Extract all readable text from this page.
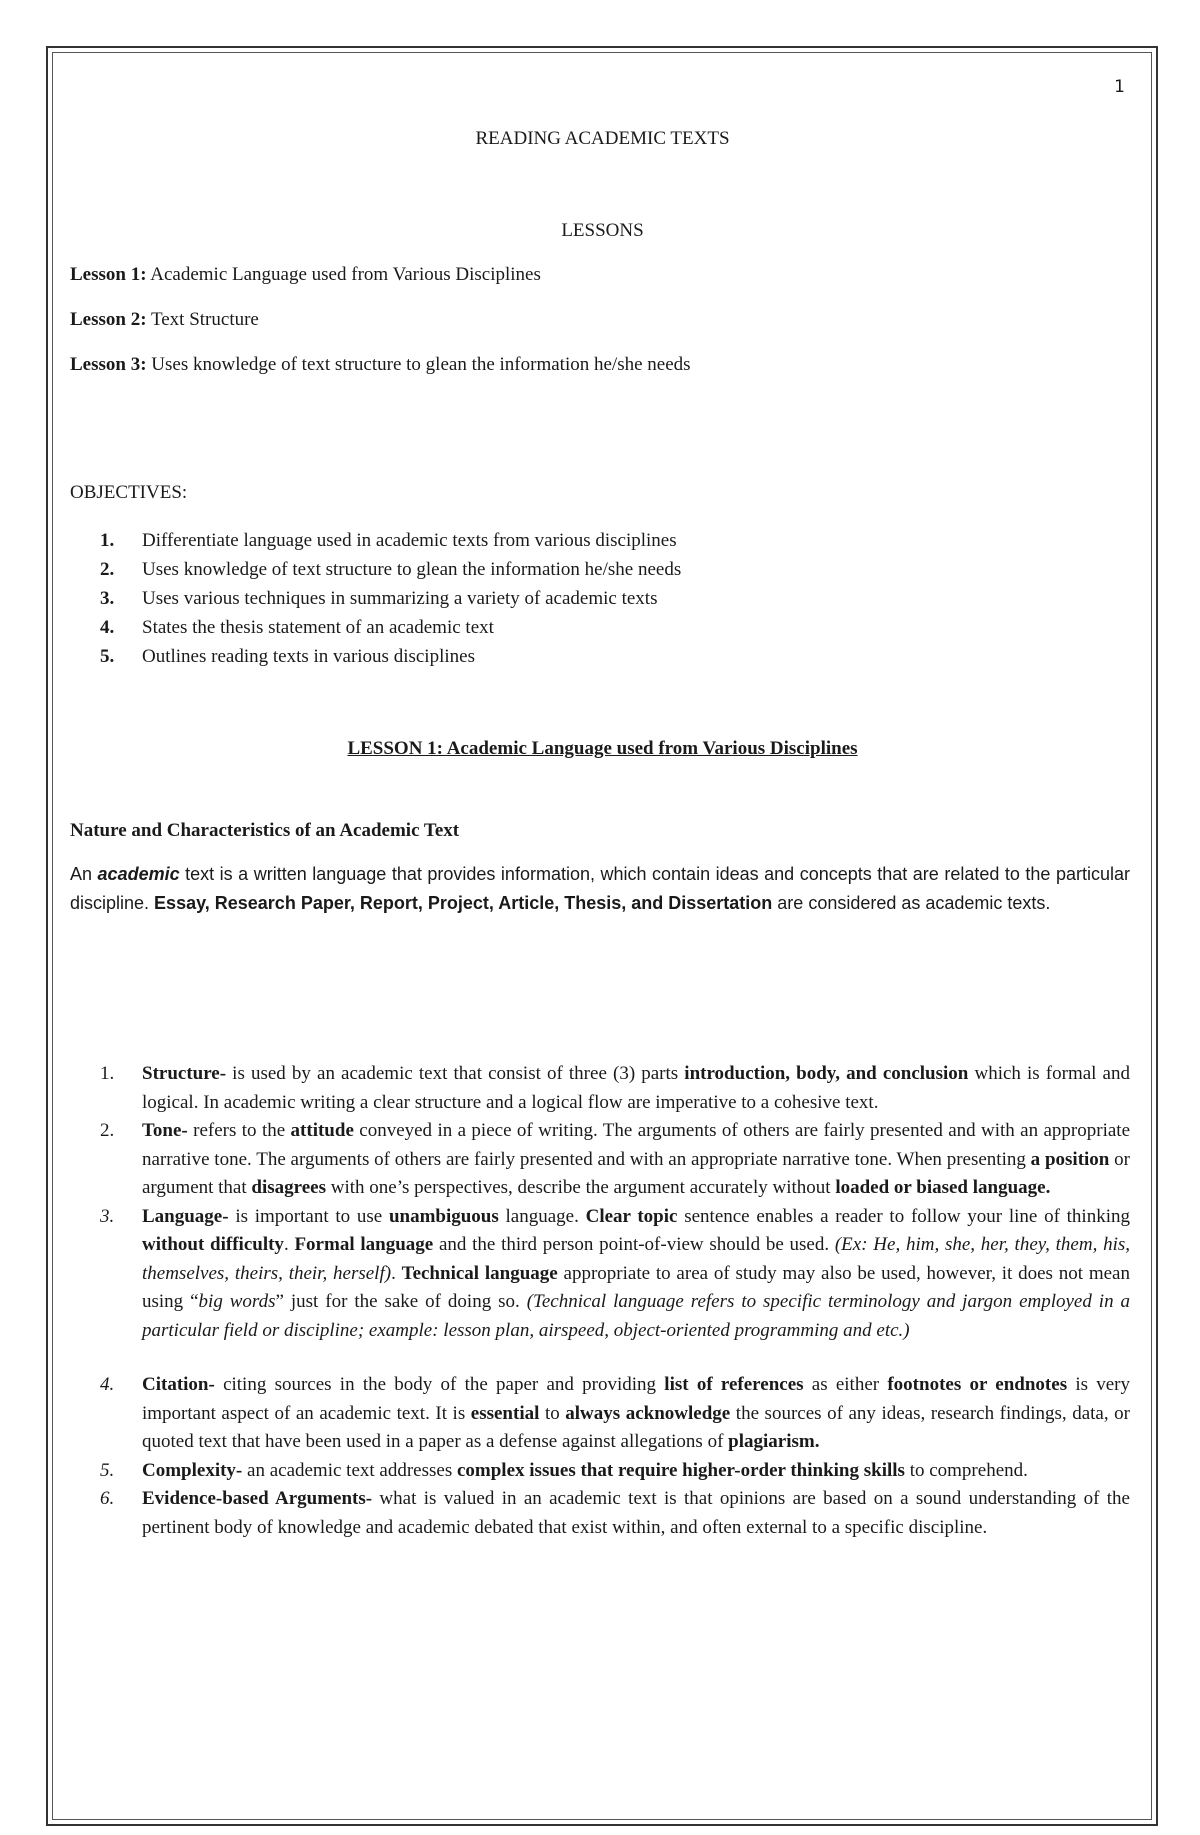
1
READING ACADEMIC TEXTS
LESSONS
Lesson 1: Academic Language used from Various Disciplines
Lesson 2: Text Structure
Lesson 3: Uses knowledge of text structure to glean the information he/she needs
OBJECTIVES:
1. Differentiate language used in academic texts from various disciplines
2. Uses knowledge of text structure to glean the information he/she needs
3. Uses various techniques in summarizing a variety of academic texts
4. States the thesis statement of an academic text
5. Outlines reading texts in various disciplines
LESSON 1: Academic Language used from Various Disciplines
Nature and Characteristics of an Academic Text
An academic text is a written language that provides information, which contain ideas and concepts that are related to the particular discipline. Essay, Research Paper, Report, Project, Article, Thesis, and Dissertation are considered as academic texts.
1. Structure- is used by an academic text that consist of three (3) parts introduction, body, and conclusion which is formal and logical. In academic writing a clear structure and a logical flow are imperative to a cohesive text.
2. Tone- refers to the attitude conveyed in a piece of writing. The arguments of others are fairly presented and with an appropriate narrative tone. The arguments of others are fairly presented and with an appropriate narrative tone. When presenting a position or argument that disagrees with one’s perspectives, describe the argument accurately without loaded or biased language.
3. Language- is important to use unambiguous language. Clear topic sentence enables a reader to follow your line of thinking without difficulty. Formal language and the third person point-of-view should be used. (Ex: He, him, she, her, they, them, his, themselves, theirs, their, herself). Technical language appropriate to area of study may also be used, however, it does not mean using “big words” just for the sake of doing so. (Technical language refers to specific terminology and jargon employed in a particular field or discipline; example: lesson plan, airspeed, object-oriented programming and etc.)
4. Citation- citing sources in the body of the paper and providing list of references as either footnotes or endnotes is very important aspect of an academic text. It is essential to always acknowledge the sources of any ideas, research findings, data, or quoted text that have been used in a paper as a defense against allegations of plagiarism.
5. Complexity- an academic text addresses complex issues that require higher-order thinking skills to comprehend.
6. Evidence-based Arguments- what is valued in an academic text is that opinions are based on a sound understanding of the pertinent body of knowledge and academic debated that exist within, and often external to a specific discipline.
